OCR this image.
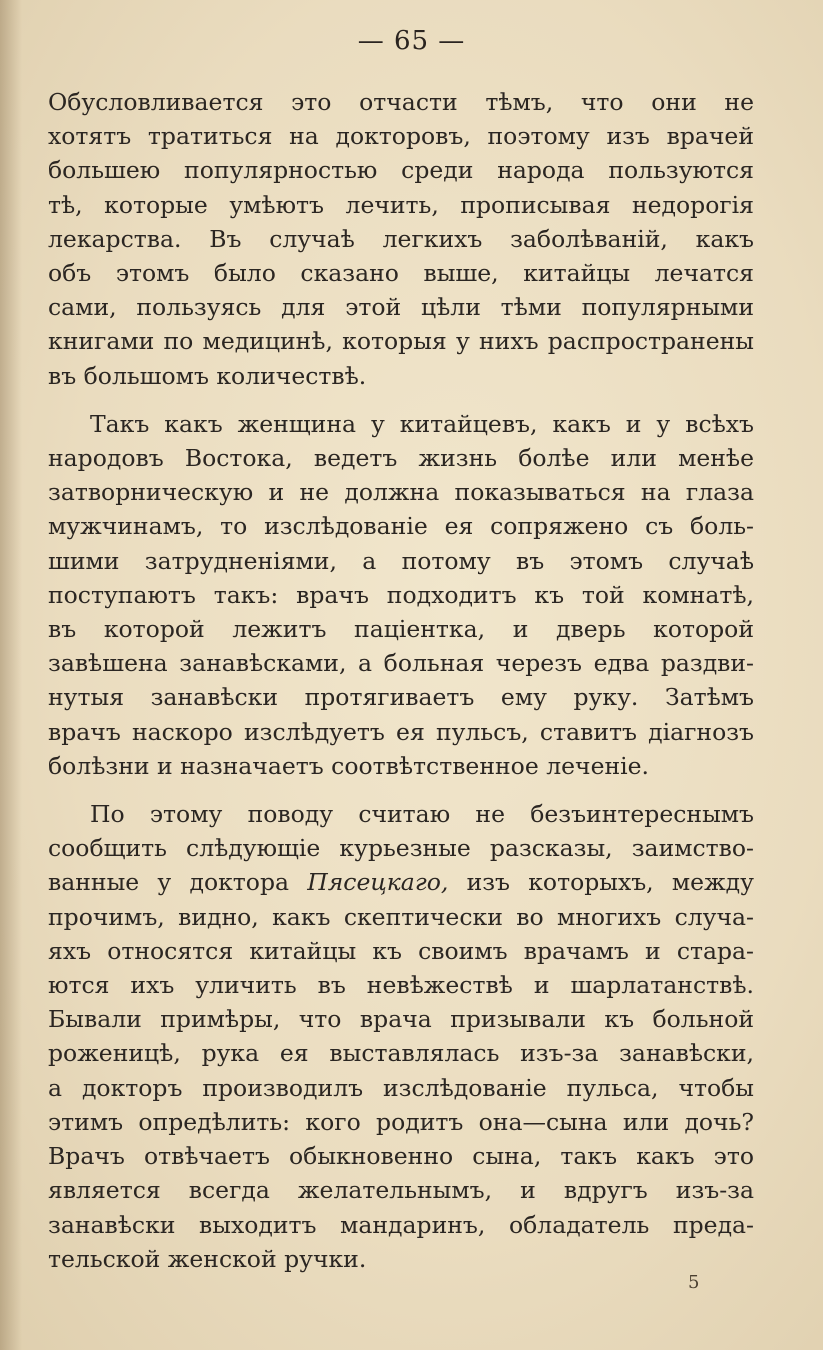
— 65 —
Обусловливается это отчасти тѣмъ, что они не
хотятъ тратиться на докторовъ, поэтому изъ врачей
большею популярностью среди народа пользуются
тѣ, которые умѣютъ лечить, прописывая недорогія
лекарства. Въ случаѣ легкихъ заболѣваній, какъ
объ этомъ было сказано выше, китайцы лечатся
сами, пользуясь для этой цѣли тѣми популярными
книгами по медицинѣ, которыя у нихъ распространены
въ большомъ количествѣ.
Такъ какъ женщина у китайцевъ, какъ и у всѣхъ
народовъ Востока, ведетъ жизнь болѣе или менѣе
затворническую и не должна показываться на глаза
мужчинамъ, то изслѣдованіе ея сопряжено съ боль-
шими затрудненіями, а потому въ этомъ случаѣ
поступаютъ такъ: врачъ подходитъ къ той комнатѣ,
въ которой лежитъ паціентка, и дверь которой
завѣшена занавѣсками, а больная черезъ едва раздви-
нутыя занавѣски протягиваетъ ему руку. Затѣмъ
врачъ наскоро изслѣдуетъ ея пульсъ, ставитъ діагнозъ
болѣзни и назначаетъ соотвѣтственное леченіе.
По этому поводу считаю не безъинтереснымъ
сообщить слѣдующіе курьезные разсказы, заимство-
ванные у доктора Пясецкаго, изъ которыхъ, между
прочимъ, видно, какъ скептически во многихъ случа-
яхъ относятся китайцы къ своимъ врачамъ и стара-
ются ихъ уличить въ невѣжествѣ и шарлатанствѣ.
Бывали примѣры, что врача призывали къ больной
роженицѣ, рука ея выставлялась изъ-за занавѣски,
а докторъ производилъ изслѣдованіе пульса, чтобы
этимъ опредѣлить: кого родитъ она—сына или дочь?
Врачъ отвѣчаетъ обыкновенно сына, такъ какъ это
является всегда желательнымъ, и вдругъ изъ-за
занавѣски выходитъ мандаринъ, обладатель преда-
тельской женской ручки.
5
